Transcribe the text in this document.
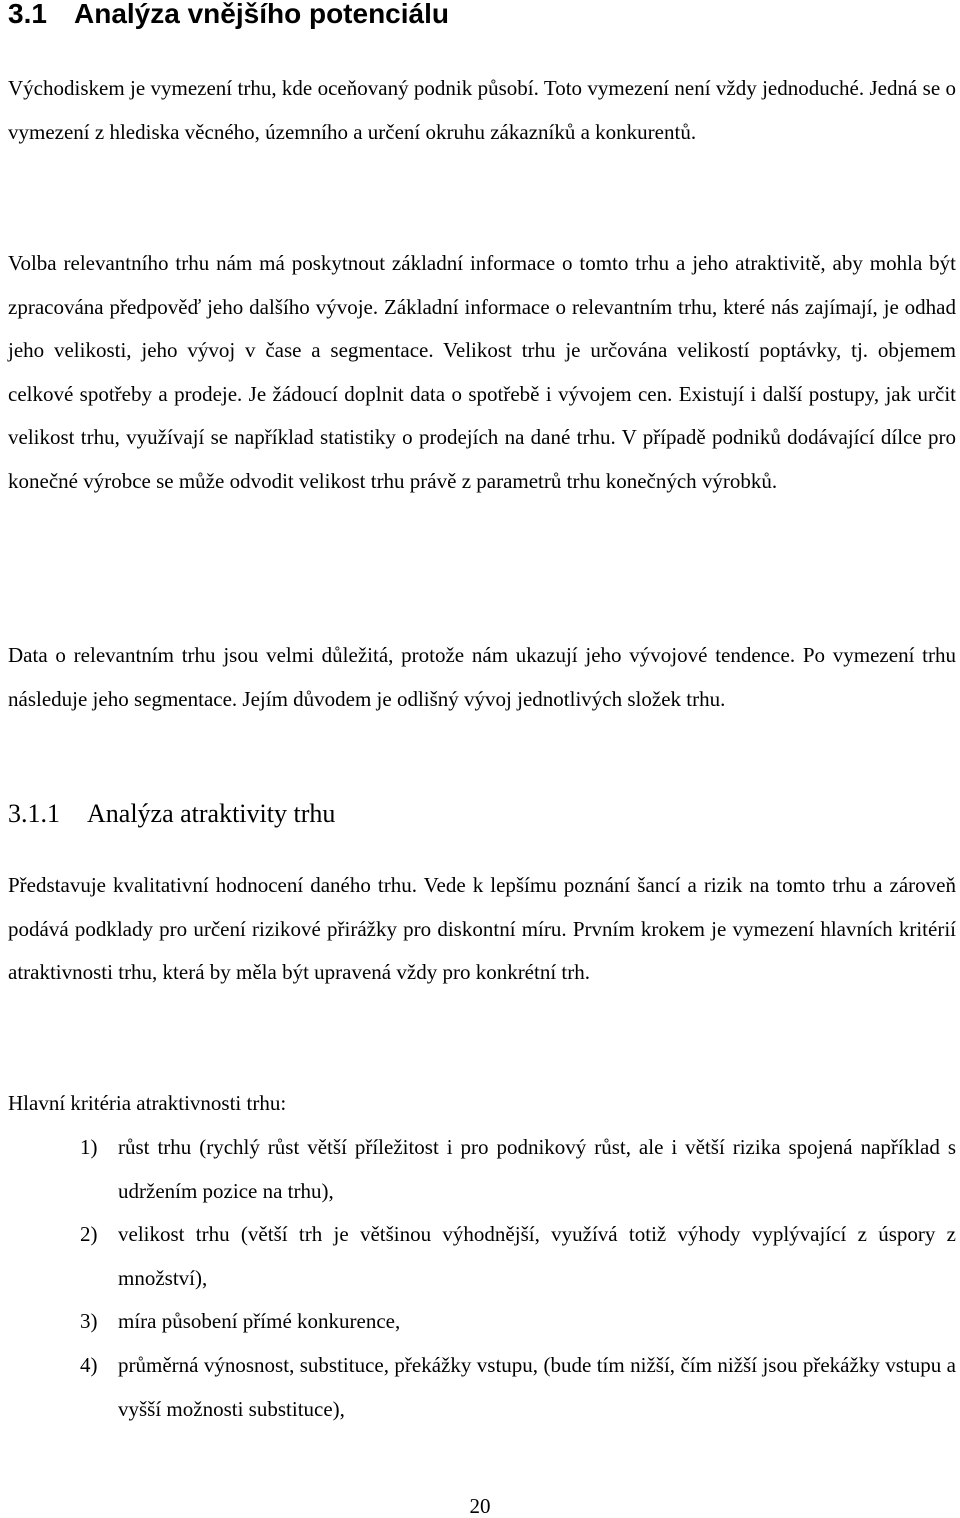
3.1 Analýza vnějšího potenciálu

Východiskem je vymezení trhu, kde oceňovaný podnik působí. Toto vymezení není vždy jednoduché. Jedná se o vymezení z hlediska věcného, územního a určení okruhu zákazníků a konkurentů.

Volba relevantního trhu nám má poskytnout základní informace o tomto trhu a jeho atraktivitě, aby mohla být zpracována předpověď jeho dalšího vývoje. Základní informace o relevantním trhu, které nás zajímají, je odhad jeho velikosti, jeho vývoj v čase a segmentace. Velikost trhu je určována velikostí poptávky, tj. objemem celkové spotřeby a prodeje. Je žádoucí doplnit data o spotřebě i vývojem cen. Existují i další postupy, jak určit velikost trhu, využívají se například statistiky o prodejích na dané trhu. V případě podniků dodávající dílce pro konečné výrobce se může odvodit velikost trhu právě z parametrů trhu konečných výrobků.

Data o relevantním trhu jsou velmi důležitá, protože nám ukazují jeho vývojové tendence. Po vymezení trhu následuje jeho segmentace. Jejím důvodem je odlišný vývoj jednotlivých složek trhu.

3.1.1 Analýza atraktivity trhu

Představuje kvalitativní hodnocení daného trhu. Vede k lepšímu poznání šancí a rizik na tomto trhu a zároveň podává podklady pro určení rizikové přirážky pro diskontní míru. Prvním krokem je vymezení hlavních kritérií atraktivnosti trhu, která by měla být upravená vždy pro konkrétní trh.

Hlavní kritéria atraktivnosti trhu:

1) růst trhu (rychlý růst větší příležitost i pro podnikový růst, ale i větší rizika spojená například s udržením pozice na trhu),
2) velikost trhu (větší trh je většinou výhodnější, využívá totiž výhody vyplývající z úspory z množství),
3) míra působení přímé konkurence,
4) průměrná výnosnost, substituce, překážky vstupu, (bude tím nižší, čím nižší jsou překážky vstupu a vyšší možnosti substituce),
20
